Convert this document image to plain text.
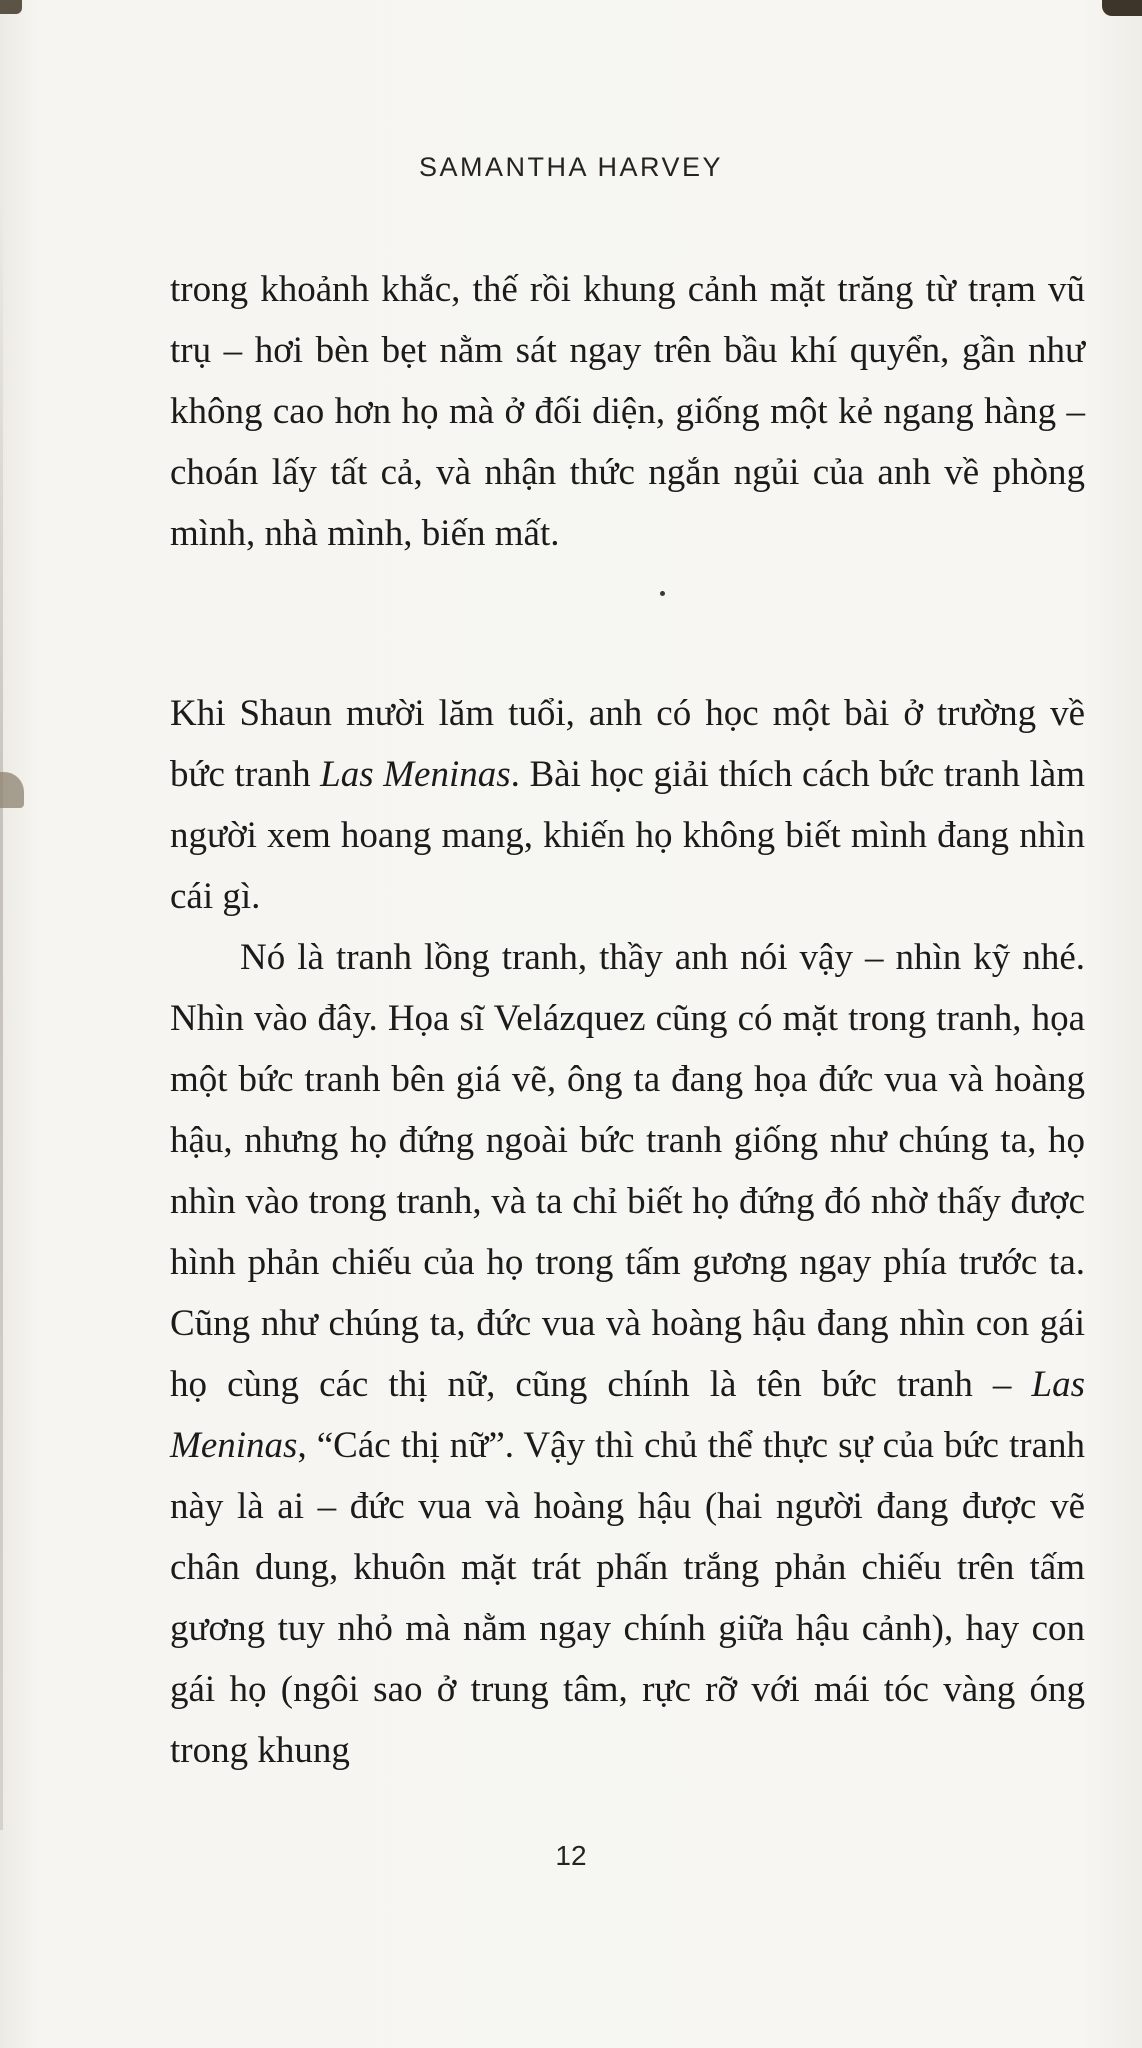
SAMANTHA HARVEY

trong khoảnh khắc, thế rồi khung cảnh mặt trăng từ trạm vũ trụ – hơi bèn bẹt nằm sát ngay trên bầu khí quyển, gần như không cao hơn họ mà ở đối diện, giống một kẻ ngang hàng – choán lấy tất cả, và nhận thức ngắn ngủi của anh về phòng mình, nhà mình, biến mất.

Khi Shaun mười lăm tuổi, anh có học một bài ở trường về bức tranh Las Meninas. Bài học giải thích cách bức tranh làm người xem hoang mang, khiến họ không biết mình đang nhìn cái gì.

Nó là tranh lồng tranh, thầy anh nói vậy – nhìn kỹ nhé. Nhìn vào đây. Họa sĩ Velázquez cũng có mặt trong tranh, họa một bức tranh bên giá vẽ, ông ta đang họa đức vua và hoàng hậu, nhưng họ đứng ngoài bức tranh giống như chúng ta, họ nhìn vào trong tranh, và ta chỉ biết họ đứng đó nhờ thấy được hình phản chiếu của họ trong tấm gương ngay phía trước ta. Cũng như chúng ta, đức vua và hoàng hậu đang nhìn con gái họ cùng các thị nữ, cũng chính là tên bức tranh – Las Meninas, “Các thị nữ”. Vậy thì chủ thể thực sự của bức tranh này là ai – đức vua và hoàng hậu (hai người đang được vẽ chân dung, khuôn mặt trát phấn trắng phản chiếu trên tấm gương tuy nhỏ mà nằm ngay chính giữa hậu cảnh), hay con gái họ (ngôi sao ở trung tâm, rực rỡ với mái tóc vàng óng trong khung

12
